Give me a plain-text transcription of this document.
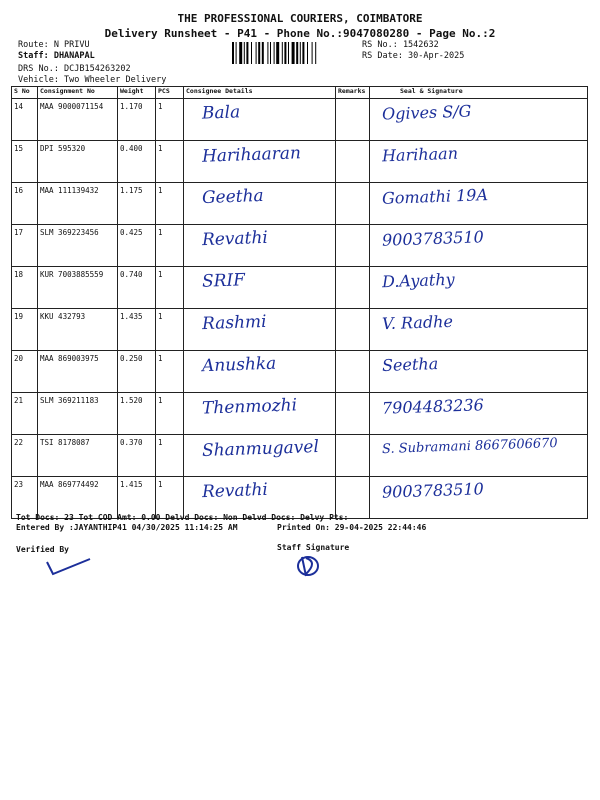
THE PROFESSIONAL COURIERS, COIMBATORE
Delivery Runsheet - P41 - Phone No.:9047080280 - Page No.:2
Route: N PRIVU
Staff: DHANAPAL
DRS No.: DCJB154263202
Vehicle: Two Wheeler Delivery
RS No.: 1542632
RS Date: 30-Apr-2025
S No	Consignment No	Weight	PCS	Consignee Details	Remarks	Seal & Signature
14	MAA 9000071154	1.170	1	Bala		Ogives S/G

15	DPI 595320	0.400	1	Harihaaran		Harihaan

16	MAA 111139432	1.175	1	Geetha		Gomathi 19A

17	SLM 369223456	0.425	1	Revathi		9003783510

18	KUR 7003885559	0.740	1	SRIF		D.Ayathy

19	KKU 432793	1.435	1	Rashmi		V. Radhe

20	MAA 869003975	0.250	1	Anushka		Seetha

21	SLM 369211183	1.520	1	Thenmozhi		7904483236

22	TSI 8178087	0.370	1	Shanmugavel		S. Subramani 8667606670

23	MAA 869774492	1.415	1	Revathi		9003783510
Tot Docs: 23 Tot COD Amt: 0.00 Delvd Docs: Non Delvd Docs: Delvy Pts:
Entered By :JAYANTHIP41 04/30/2025 11:14:25 AM	Printed On: 29-04-2025 22:44:46
Verified By	Staff Signature
